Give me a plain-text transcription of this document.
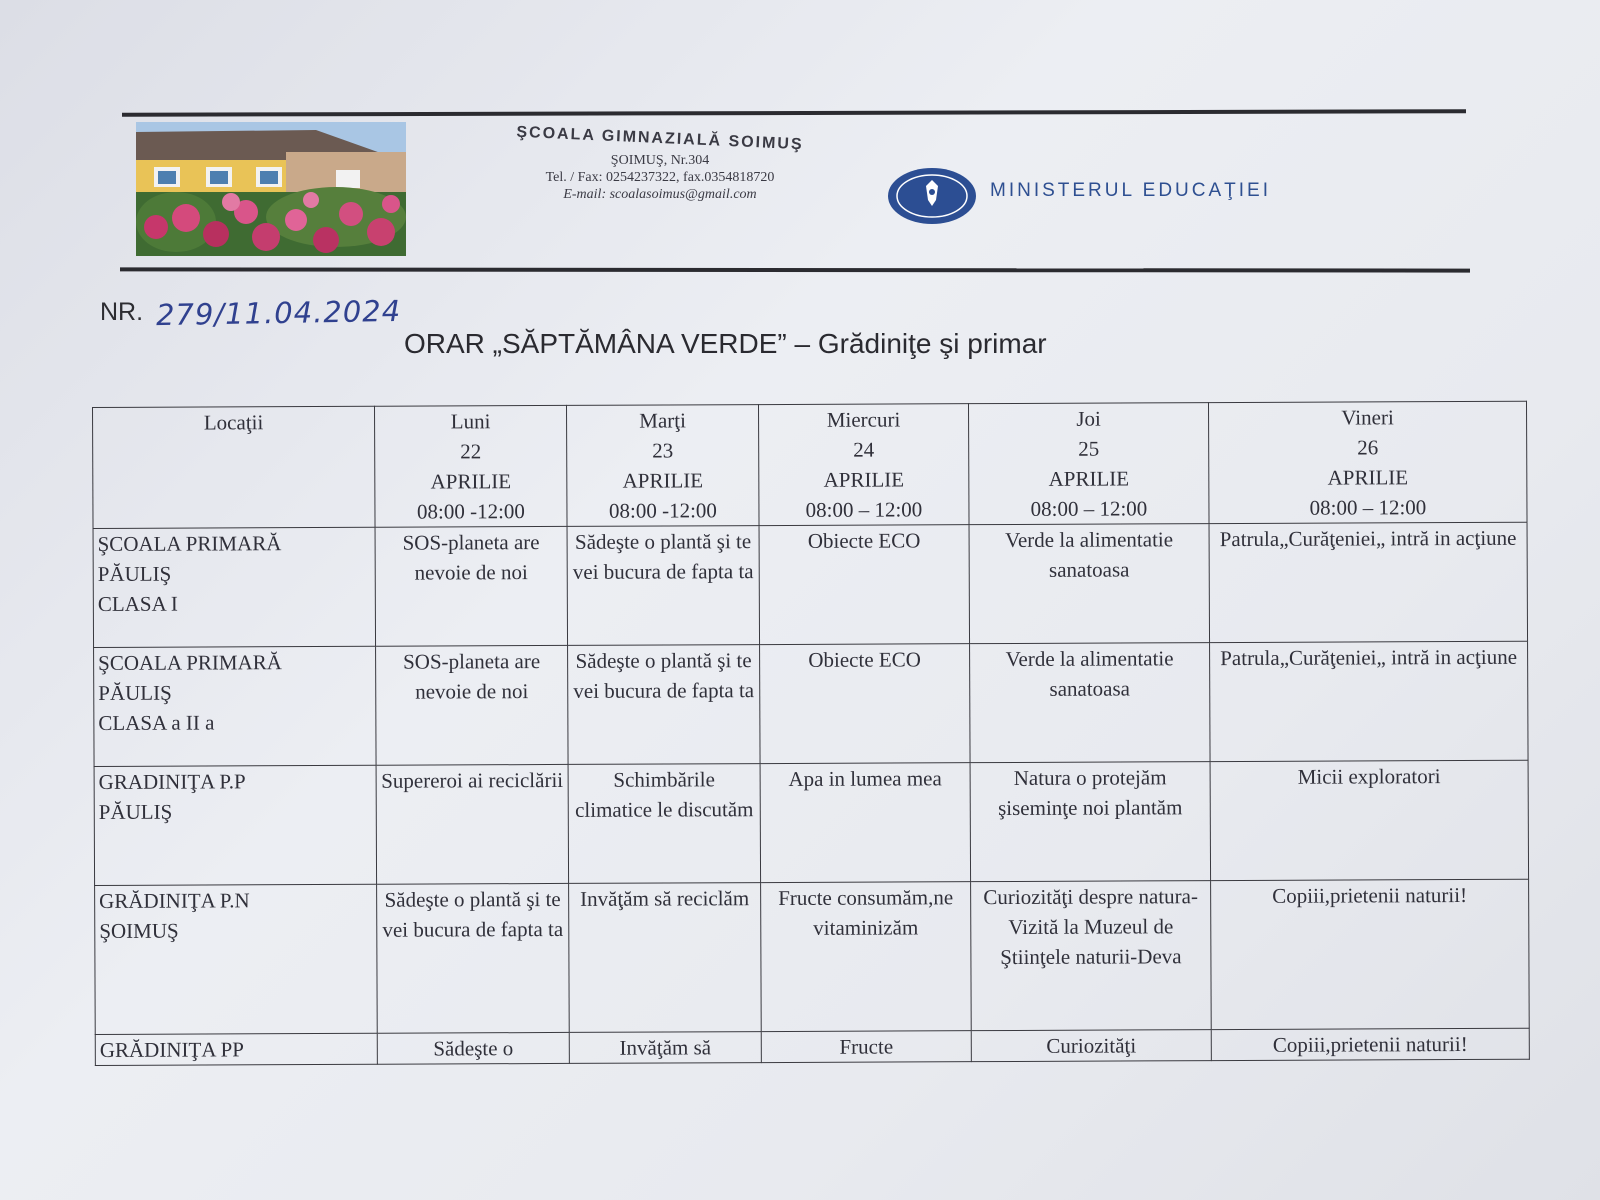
ŞCOALA GIMNAZIALĂ SOIMUŞ
ŞOIMUŞ, Nr.304
Tel. / Fax: 0254237322, fax.0354818720
E-mail: scoalasoimus@gmail.com	MINISTERUL EDUCAŢIEI
NR. 279/11.04.2024
ORAR „SĂPTĂMÂNA VERDE” – Grădiniţe şi primar
Locaţii	Luni
22
APRILIE
08:00 -12:00	Marţi
23
APRILIE
08:00 -12:00	Miercuri
24
APRILIE
08:00 – 12:00	Joi
25
APRILIE
08:00 – 12:00	Vineri
26
APRILIE
08:00 – 12:00

ŞCOALA PRIMARĂ
PĂULIŞ
CLASA I	SOS-planeta are nevoie de noi	Sădeşte o plantă şi te vei bucura de fapta ta	Obiecte ECO	Verde la alimentatie sanatoasa	Patrula„Curăţeniei„ intră in acţiune

ŞCOALA PRIMARĂ
PĂULIŞ
CLASA a II a	SOS-planeta are nevoie de noi	Sădeşte o plantă şi te vei bucura de fapta ta	Obiecte ECO	Verde la alimentatie sanatoasa	Patrula„Curăţeniei„ intră in acţiune

GRADINIŢA P.P
PĂULIŞ	Supereroi ai reciclării	Schimbările climatice le discutăm	Apa in lumea mea	Natura o protejăm şiseminţe noi plantăm	Micii exploratori

GRĂDINIŢA P.N
ŞOIMUŞ	Sădeşte o plantă şi te vei bucura de fapta ta	Invăţăm să reciclăm	Fructe consumăm,ne vitaminizăm	Curiozităţi despre natura-Vizită la Muzeul de Ştiinţele naturii-Deva	Copiii,prietenii naturii!

GRĂDINIŢA PP	Sădeşte o	Invăţăm să	Fructe	Curiozităţi	Copiii,prietenii naturii!
